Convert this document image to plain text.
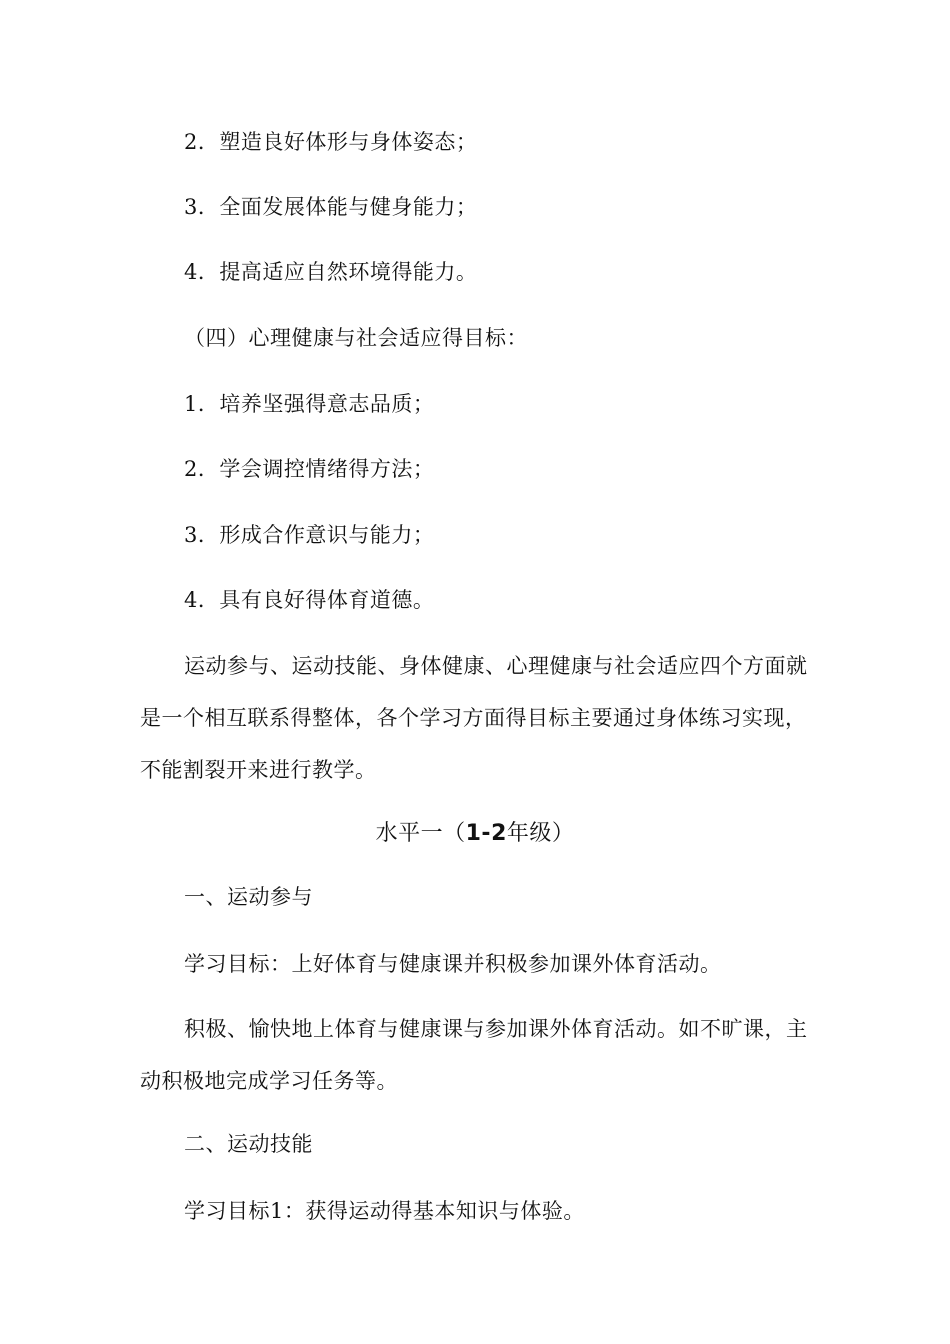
2．塑造良好体形与身体姿态；
3．全面发展体能与健身能力；
4．提高适应自然环境得能力。
（四）心理健康与社会适应得目标：
1．培养坚强得意志品质；
2．学会调控情绪得方法；
3．形成合作意识与能力；
4．具有良好得体育道德。
运动参与、运动技能、身体健康、心理健康与社会适应四个方面就是一个相互联系得整体，各个学习方面得目标主要通过身体练习实现，不能割裂开来进行教学。
水平一（1-2年级）
一、运动参与
学习目标：上好体育与健康课并积极参加课外体育活动。
积极、愉快地上体育与健康课与参加课外体育活动。如不旷课，主动积极地完成学习任务等。
二、运动技能
学习目标1：获得运动得基本知识与体验。
